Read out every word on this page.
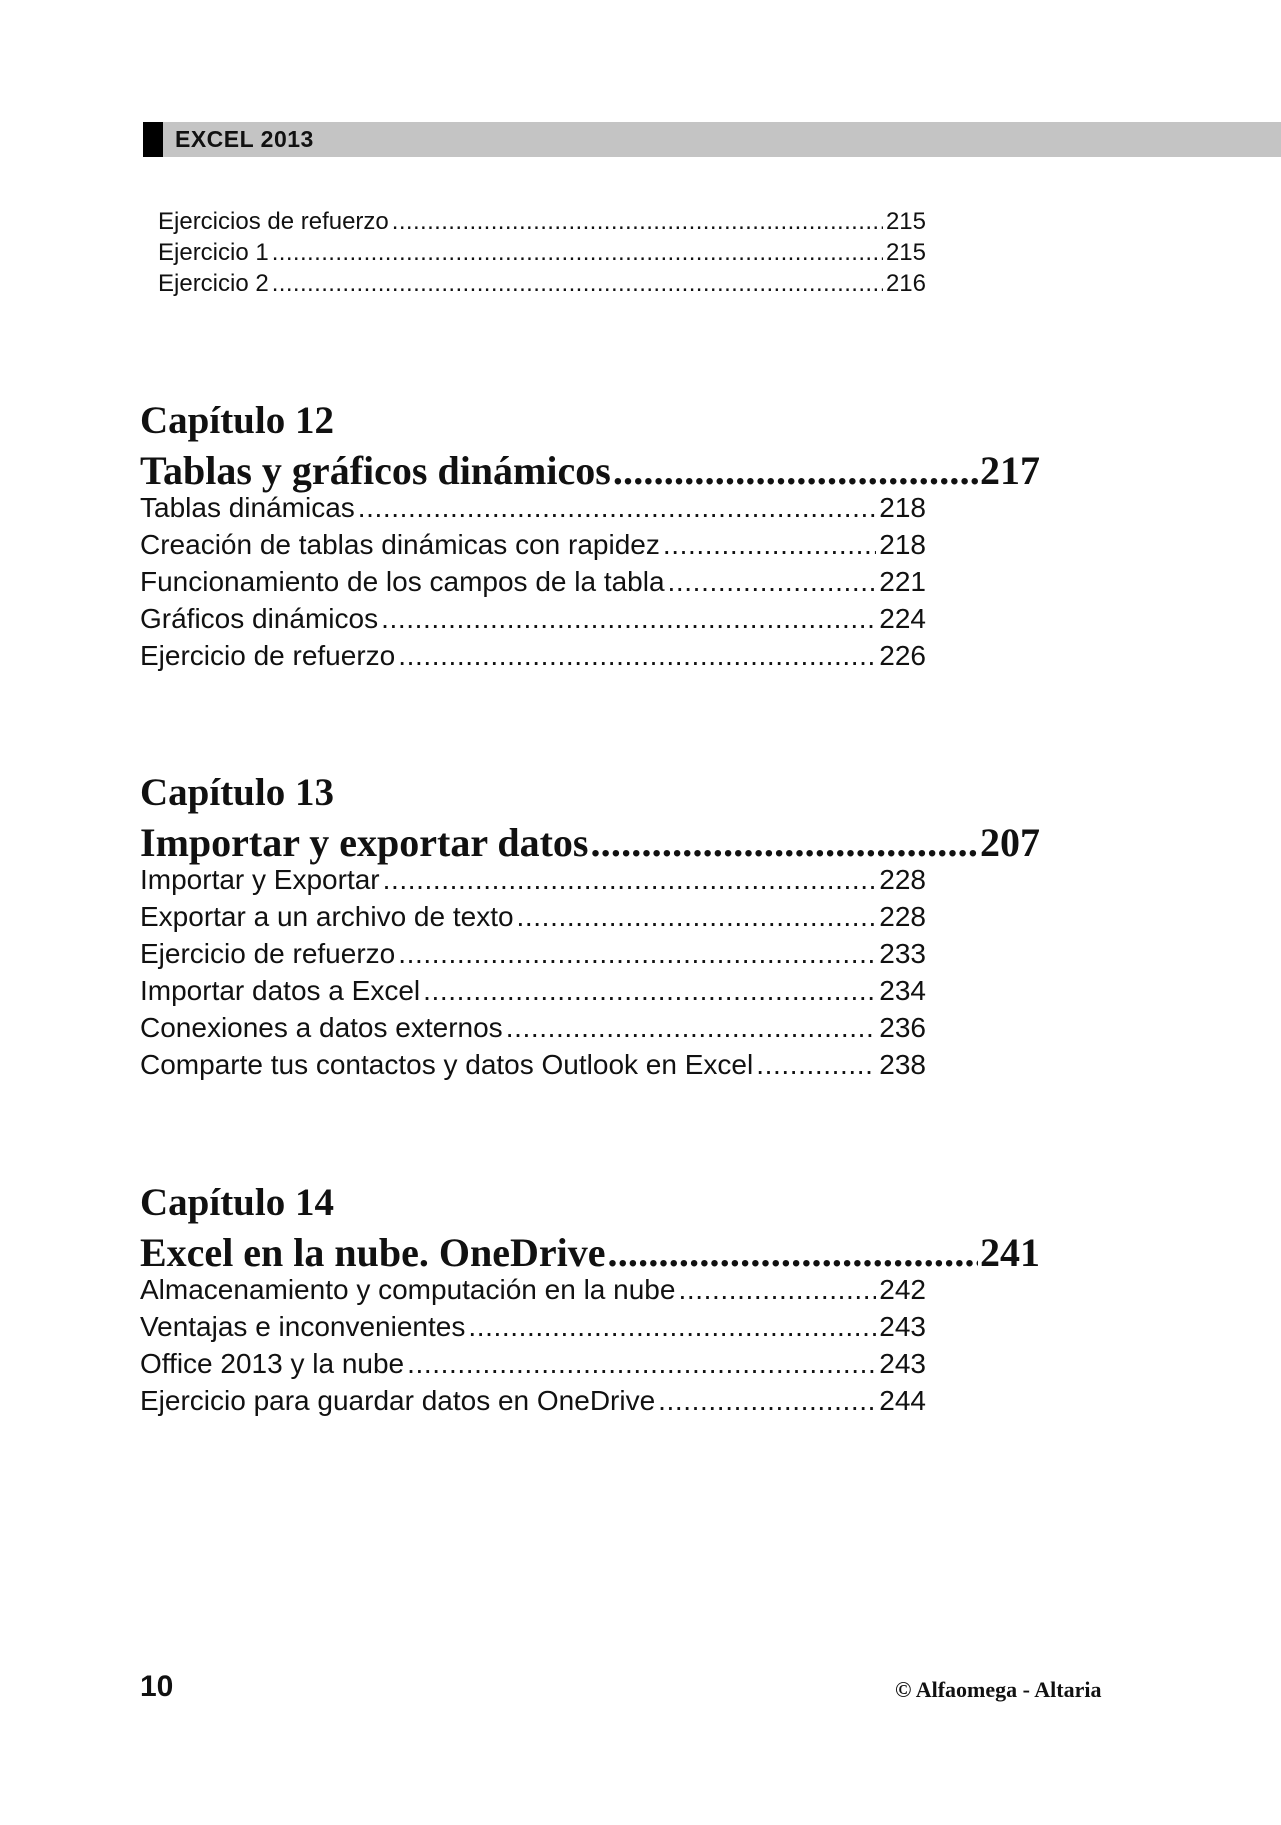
EXCEL 2013
Ejercicios de refuerzo .....	215
Ejercicio 1 .....	215
Ejercicio 2 .....	216
Capítulo 12
Tablas y gráficos dinámicos .....	217
Tablas dinámicas .....	218
Creación de tablas dinámicas con rapidez .....	218
Funcionamiento de los campos de la tabla .....	221
Gráficos dinámicos .....	224
Ejercicio de refuerzo .....	226
Capítulo 13
Importar y exportar datos .....	207
Importar y Exportar .....	228
Exportar a un archivo de texto .....	228
Ejercicio de refuerzo .....	233
Importar datos a Excel .....	234
Conexiones a datos externos .....	236
Comparte tus contactos y datos Outlook en Excel .....	238
Capítulo 14
Excel en la nube. OneDrive .....	241
Almacenamiento y computación en la nube .....	242
Ventajas e inconvenientes .....	243
Office 2013 y la nube .....	243
Ejercicio para guardar datos en OneDrive .....	244
10	© Alfaomega - Altaria
